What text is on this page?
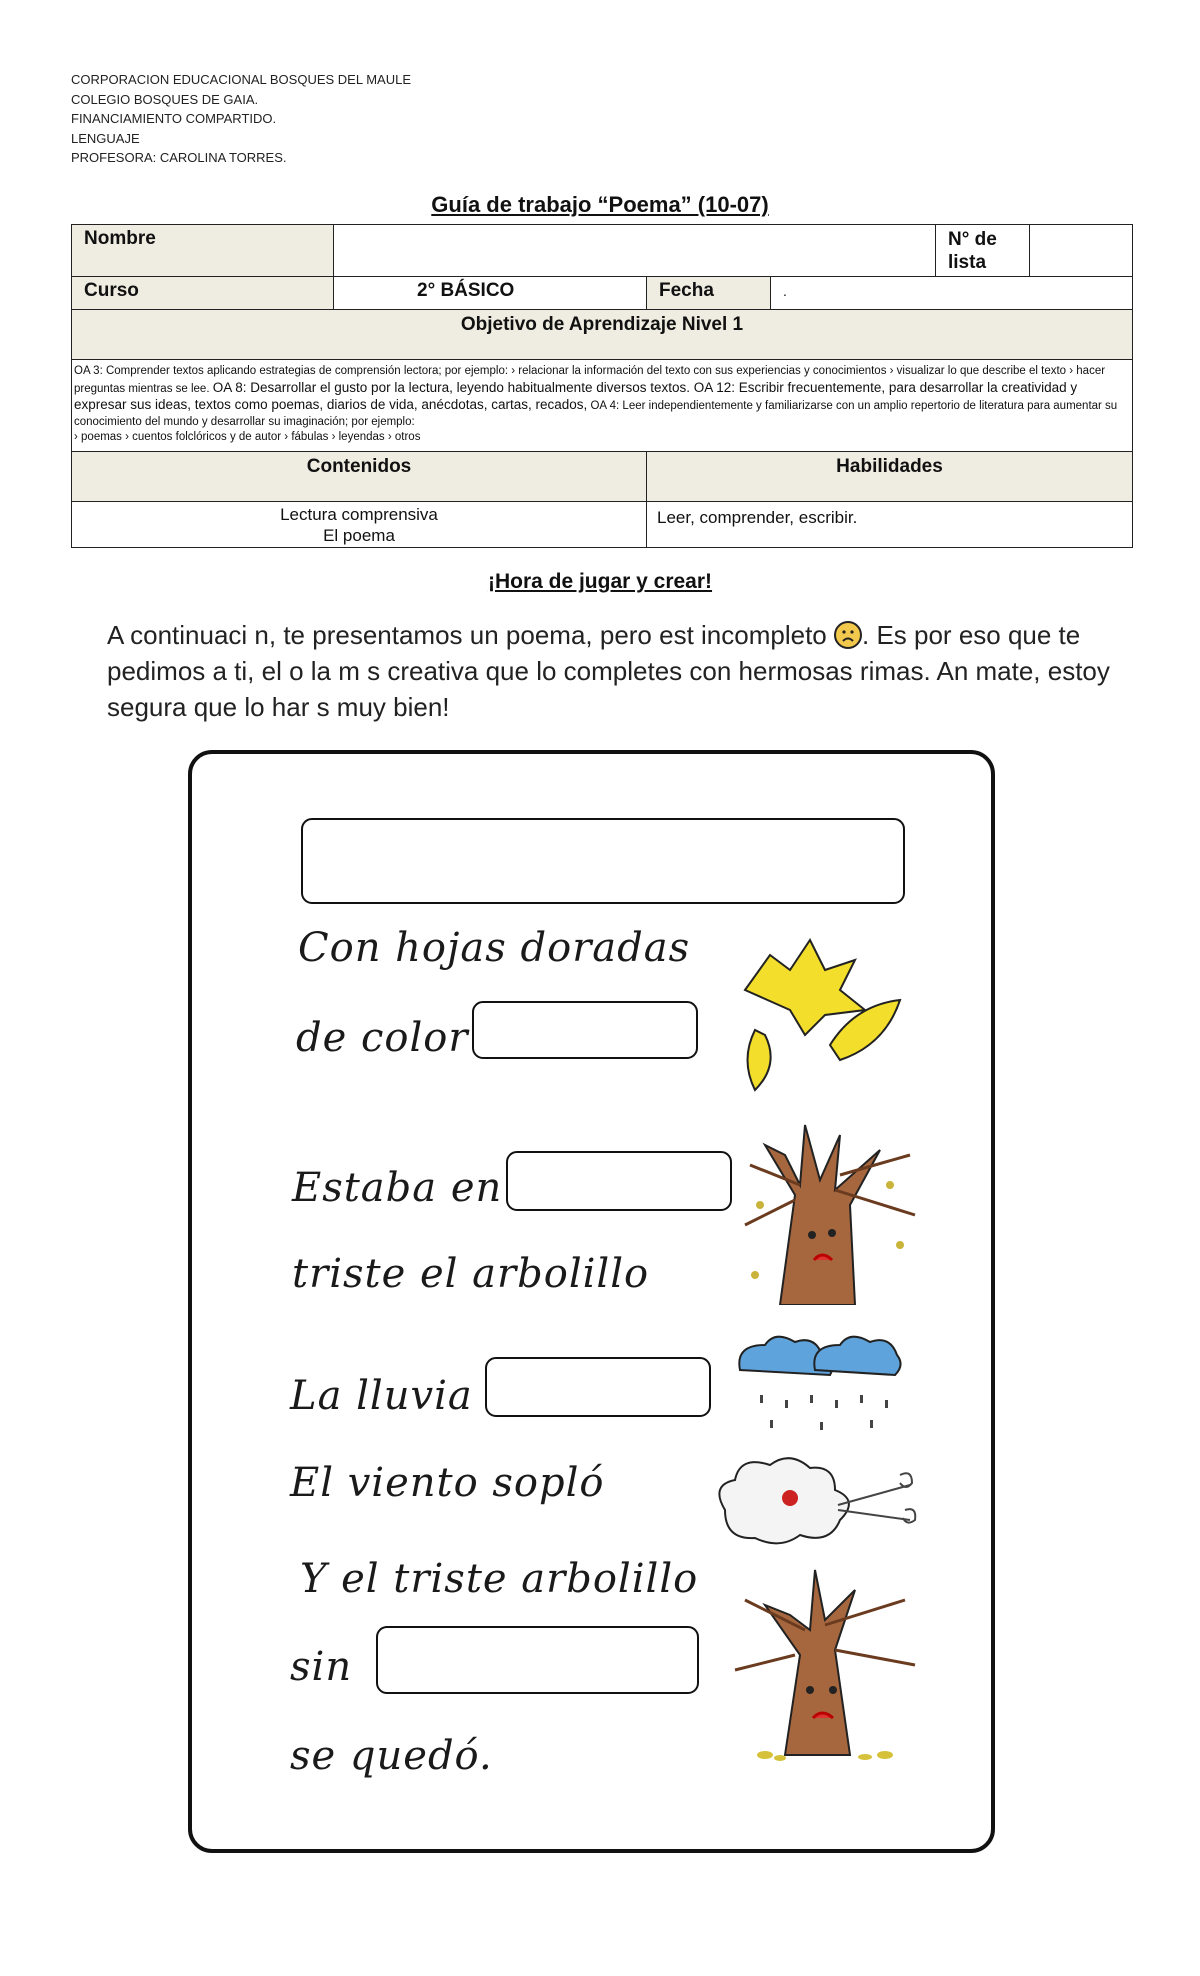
CORPORACION EDUCACIONAL BOSQUES DEL MAULE
COLEGIO BOSQUES DE GAIA.
FINANCIAMIENTO COMPARTIDO.
LENGUAJE
PROFESORA: CAROLINA TORRES.
Guía de trabajo “Poema” (10-07)
Nombre				N° de lista	
Curso	2° BÁSICO	Fecha	.		
Objetivo de Aprendizaje Nivel 1					
OA 3: Comprender textos aplicando estrategias de comprensión lectora; por ejemplo: › relacionar la información del texto con sus experiencias y conocimientos › visualizar lo que describe el texto › hacer preguntas mientras se lee. OA 8: Desarrollar el gusto por la lectura, leyendo habitualmente diversos textos. OA 12: Escribir frecuentemente, para desarrollar la creatividad y expresar sus ideas, textos como poemas, diarios de vida, anécdotas, cartas, recados, OA 4: Leer independientemente y familiarizarse con un amplio repertorio de literatura para aumentar su conocimiento del mundo y desarrollar su imaginación; por ejemplo:
› poemas › cuentos folclóricos y de autor › fábulas › leyendas › otros					
Contenidos		Habilidades			

Lectura comprensiva
El poema		Leer, comprender, escribir.			
¡Hora de jugar y crear!
A continuaci n, te presentamos un poema, pero est incompleto . Es por eso que te pedimos a ti, el o la m s creativa que lo completes con hermosas rimas. An mate, estoy segura que lo har s muy bien!
Con hojas doradas
de color
Estaba en
triste el arbolillo
La lluvia
El viento sopló
Y el triste arbolillo
sin
se quedó.
